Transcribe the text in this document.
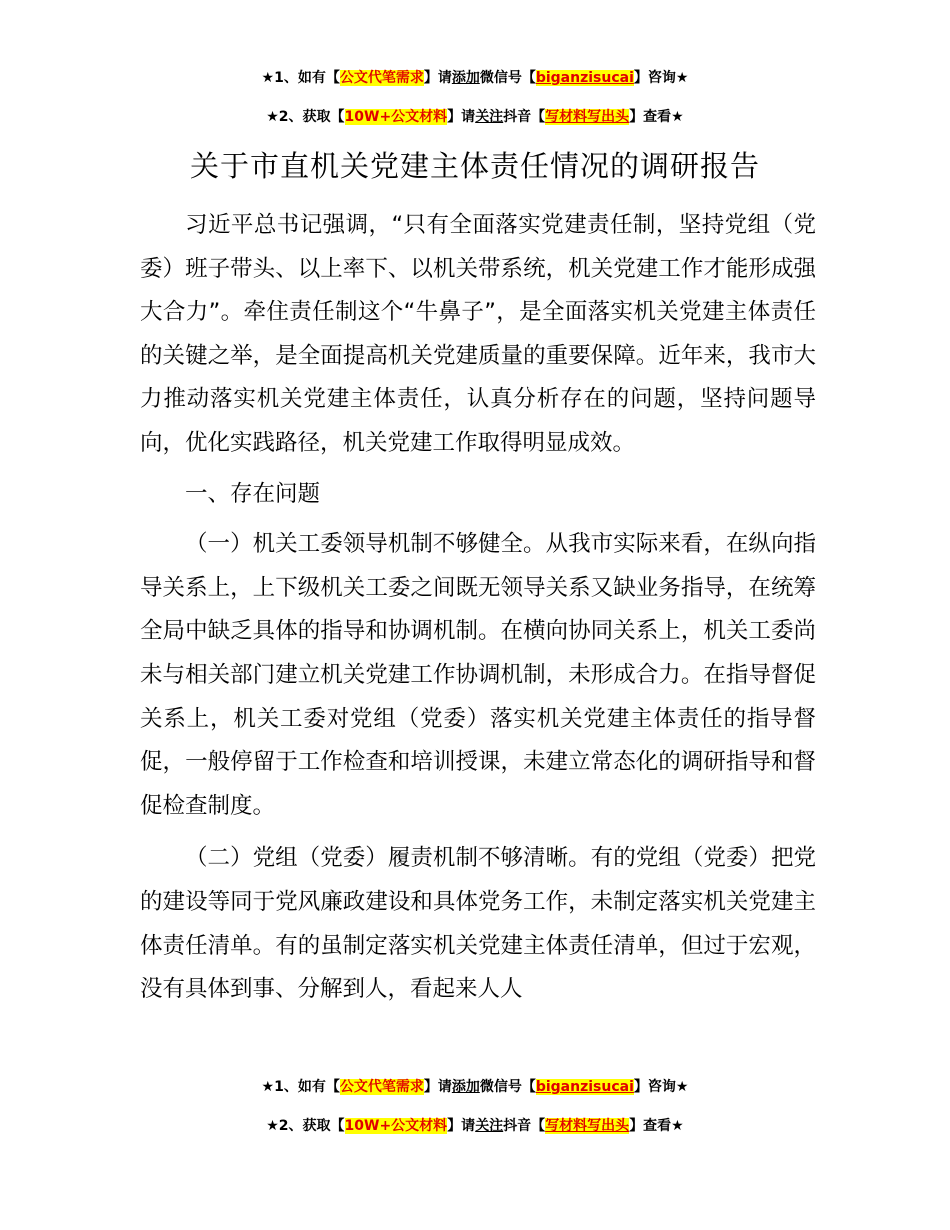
★1、如有【公文代笔需求】请添加微信号【biganzisucai】咨询★
★2、获取【10W+公文材料】请关注抖音【写材料写出头】查看★
关于市直机关党建主体责任情况的调研报告

习近平总书记强调，“只有全面落实党建责任制，坚持党组（党委）班子带头、以上率下、以机关带系统，机关党建工作才能形成强大合力”。牵住责任制这个“牛鼻子”，是全面落实机关党建主体责任的关键之举，是全面提高机关党建质量的重要保障。近年来，我市大力推动落实机关党建主体责任，认真分析存在的问题，坚持问题导向，优化实践路径，机关党建工作取得明显成效。

一、存在问题

（一）机关工委领导机制不够健全。从我市实际来看，在纵向指导关系上，上下级机关工委之间既无领导关系又缺业务指导，在统筹全局中缺乏具体的指导和协调机制。在横向协同关系上，机关工委尚未与相关部门建立机关党建工作协调机制，未形成合力。在指导督促关系上，机关工委对党组（党委）落实机关党建主体责任的指导督促，一般停留于工作检查和培训授课，未建立常态化的调研指导和督促检查制度。

（二）党组（党委）履责机制不够清晰。有的党组（党委）把党的建设等同于党风廉政建设和具体党务工作，未制定落实机关党建主体责任清单。有的虽制定落实机关党建主体责任清单，但过于宏观，没有具体到事、分解到人，看起来人人

★1、如有【公文代笔需求】请添加微信号【biganzisucai】咨询★
★2、获取【10W+公文材料】请关注抖音【写材料写出头】查看★
